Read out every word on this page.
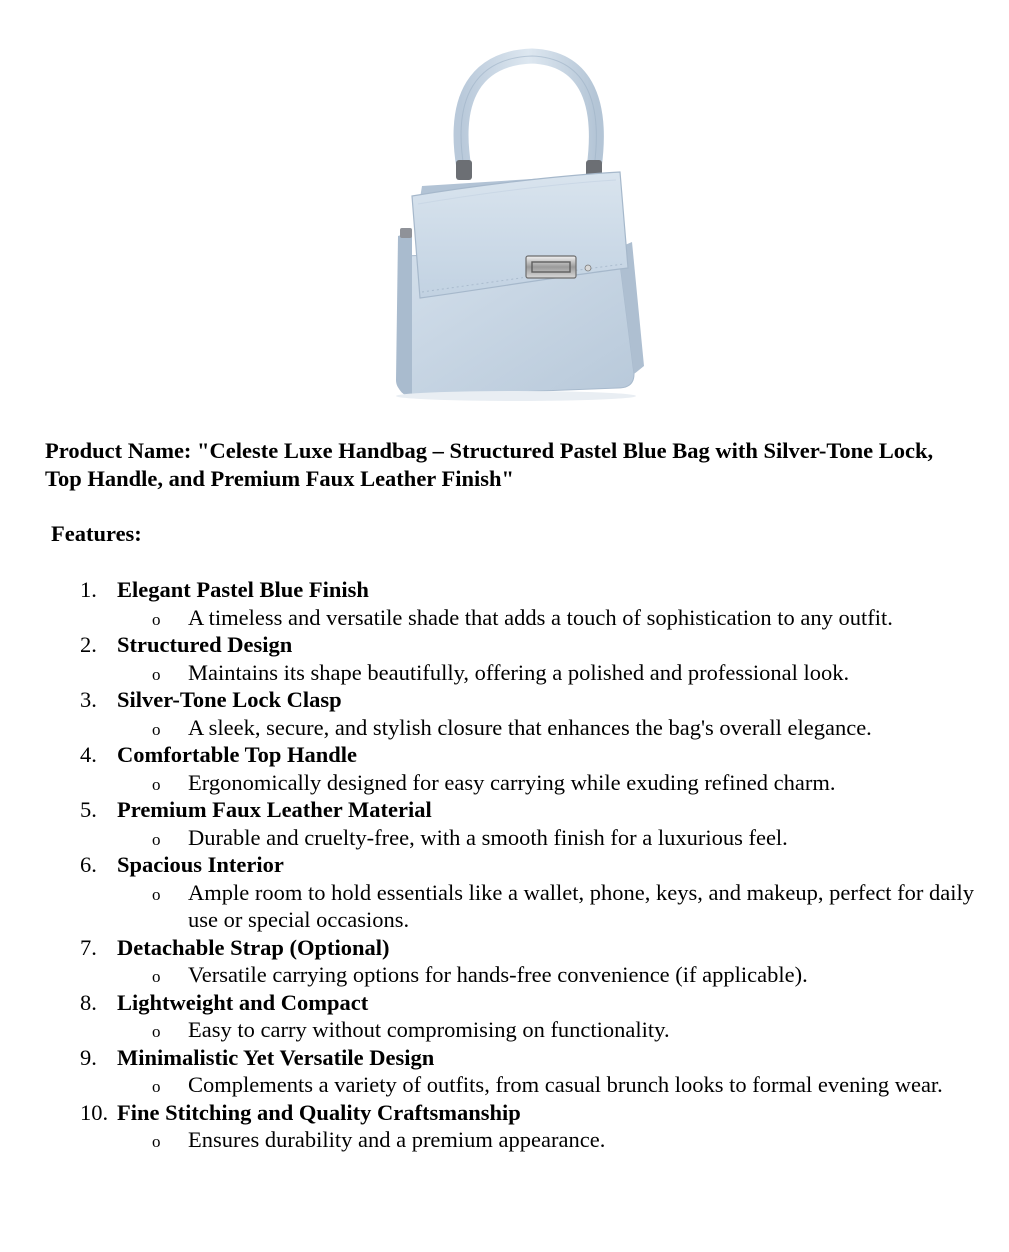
Product Name: "Celeste Luxe Handbag – Structured Pastel Blue Bag with Silver-Tone Lock, Top Handle, and Premium Faux Leather Finish"

Features:

1. Elegant Pastel Blue Finish
o A timeless and versatile shade that adds a touch of sophistication to any outfit.
2. Structured Design
o Maintains its shape beautifully, offering a polished and professional look.
3. Silver-Tone Lock Clasp
o A sleek, secure, and stylish closure that enhances the bag's overall elegance.
4. Comfortable Top Handle
o Ergonomically designed for easy carrying while exuding refined charm.
5. Premium Faux Leather Material
o Durable and cruelty-free, with a smooth finish for a luxurious feel.
6. Spacious Interior
o Ample room to hold essentials like a wallet, phone, keys, and makeup, perfect for daily use or special occasions.
7. Detachable Strap (Optional)
o Versatile carrying options for hands-free convenience (if applicable).
8. Lightweight and Compact
o Easy to carry without compromising on functionality.
9. Minimalistic Yet Versatile Design
o Complements a variety of outfits, from casual brunch looks to formal evening wear.
10. Fine Stitching and Quality Craftsmanship
o Ensures durability and a premium appearance.
